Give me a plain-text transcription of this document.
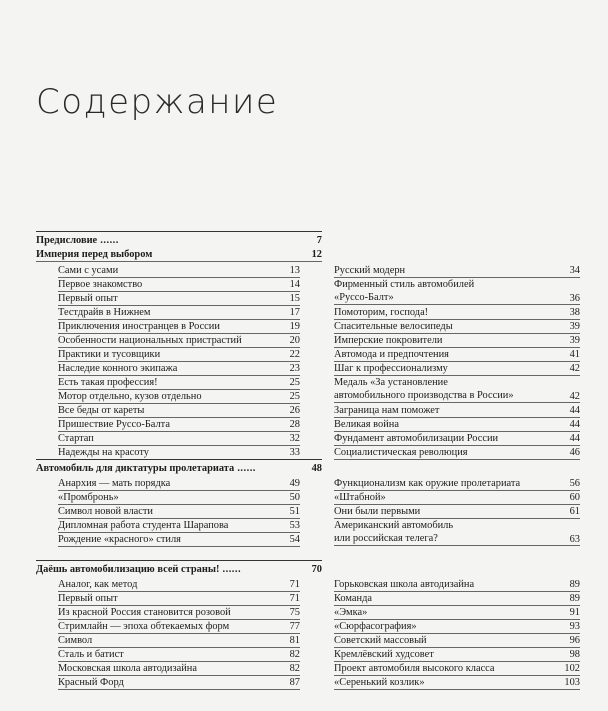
Содержание
Предисловие ......	7
Империя перед выбором	12
Сами с усами	13
Первое знакомство	14
Первый опыт	15
Тестдрайв в Нижнем	17
Приключения иностранцев в России	19
Особенности национальных пристрастий	20
Практики и тусовщики	22
Наследие конного экипажа	23
Есть такая профессия!	25
Мотор отдельно, кузов отдельно	25
Все беды от кареты	26
Пришествие Руссо-Балта	28
Стартап	32
Надежды на красоту	33
Русский модерн	34
Фирменный стиль автомобилей
«Руссо-Балт»	36
Помоторим, господа!	38
Спасительные велосипеды	39
Имперские покровители	39
Автомода и предпочтения	41
Шаг к профессионализму	42
Медаль «За установление
автомобильного производства в России»	42
Заграница нам поможет	44
Великая война	44
Фундамент автомобилизации России	44
Социалистическая революция	46
Автомобиль для диктатуры пролетариата ......	48
Анархия — мать порядка	49
«Промбронь»	50
Символ новой власти	51
Дипломная работа студента Шарапова	53
Рождение «красного» стиля	54
Функционализм как оружие пролетариата	56
«Штабной»	60
Они были первыми	61
Американский автомобиль
или российская телега?	63
Даёшь автомобилизацию всей страны! ......	70
Аналог, как метод	71
Первый опыт	71
Из красной Россия становится розовой	75
Стримлайн — эпоха обтекаемых форм	77
Символ	81
Сталь и батист	82
Московская школа автодизайна	82
Красный Форд	87
Горьковская школа автодизайна	89
Команда	89
«Эмка»	91
«Сюрфасография»	93
Советский массовый	96
Кремлёвский худсовет	98
Проект автомобиля высокого класса	102
«Серенький козлик»	103
